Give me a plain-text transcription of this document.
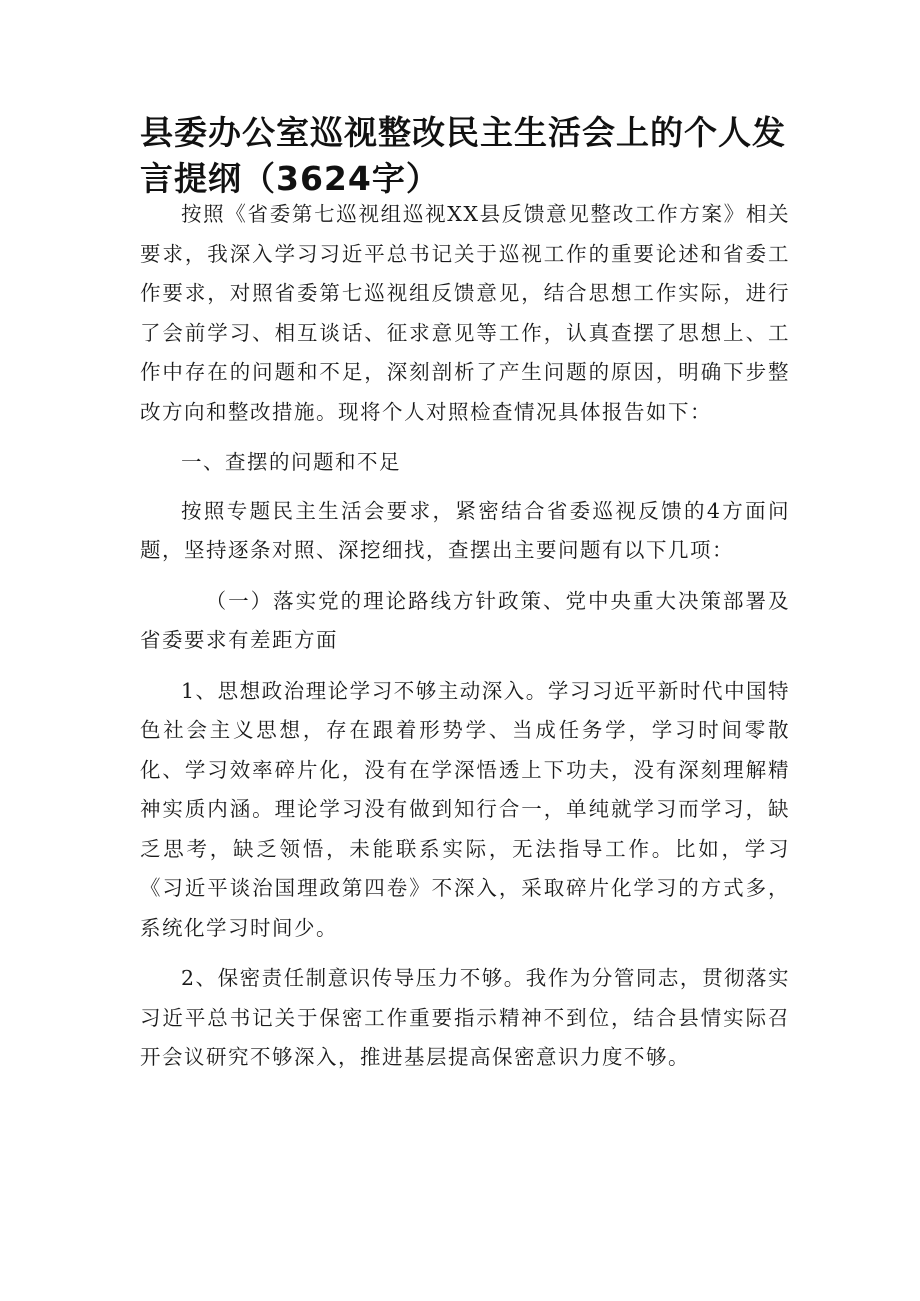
县委办公室巡视整改民主生活会上的个人发言提纲（3624字）

按照《省委第七巡视组巡视XX县反馈意见整改工作方案》相关要求，我深入学习习近平总书记关于巡视工作的重要论述和省委工作要求，对照省委第七巡视组反馈意见，结合思想工作实际，进行了会前学习、相互谈话、征求意见等工作，认真查摆了思想上、工作中存在的问题和不足，深刻剖析了产生问题的原因，明确下步整改方向和整改措施。现将个人对照检查情况具体报告如下：

一、查摆的问题和不足

按照专题民主生活会要求，紧密结合省委巡视反馈的4方面问题，坚持逐条对照、深挖细找，查摆出主要问题有以下几项：

（一）落实党的理论路线方针政策、党中央重大决策部署及省委要求有差距方面

1、思想政治理论学习不够主动深入。学习习近平新时代中国特色社会主义思想，存在跟着形势学、当成任务学，学习时间零散化、学习效率碎片化，没有在学深悟透上下功夫，没有深刻理解精神实质内涵。理论学习没有做到知行合一，单纯就学习而学习，缺乏思考，缺乏领悟，未能联系实际，无法指导工作。比如，学习《习近平谈治国理政第四卷》不深入，采取碎片化学习的方式多，系统化学习时间少。

2、保密责任制意识传导压力不够。我作为分管同志，贯彻落实习近平总书记关于保密工作重要指示精神不到位，结合县情实际召开会议研究不够深入，推进基层提高保密意识力度不够。
